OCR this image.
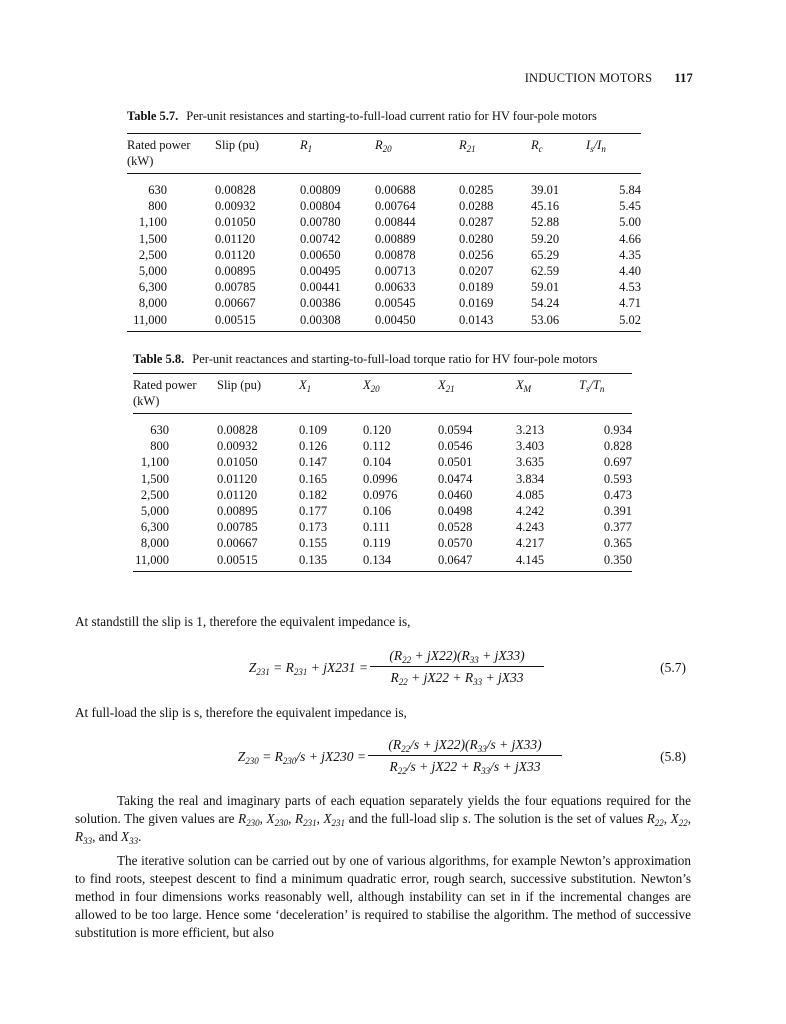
INDUCTION MOTORS 117
Table 5.7. Per-unit resistances and starting-to-full-load current ratio for HV four-pole motors
Rated power
(kW)	Slip (pu)	$R_1$	$R_{20}$	$R_{21}$	$R_c$	$I_s/I_n$
630	0.00828	0.00809	0.00688	0.0285	39.01	5.84
800	0.00932	0.00804	0.00764	0.0288	45.16	5.45
1,100	0.01050	0.00780	0.00844	0.0287	52.88	5.00
1,500	0.01120	0.00742	0.00889	0.0280	59.20	4.66
2,500	0.01120	0.00650	0.00878	0.0256	65.29	4.35
5,000	0.00895	0.00495	0.00713	0.0207	62.59	4.40
6,300	0.00785	0.00441	0.00633	0.0189	59.01	4.53
8,000	0.00667	0.00386	0.00545	0.0169	54.24	4.71
11,000	0.00515	0.00308	0.00450	0.0143	53.06	5.02
Table 5.8. Per-unit reactances and starting-to-full-load torque ratio for HV four-pole motors
Rated power
(kW)	Slip (pu)	$X_1$	$X_{20}$	$X_{21}$	$X_M$	$T_s/T_n$
630	0.00828	0.109	0.120	0.0594	3.213	0.934
800	0.00932	0.126	0.112	0.0546	3.403	0.828
1,100	0.01050	0.147	0.104	0.0501	3.635	0.697
1,500	0.01120	0.165	0.0996	0.0474	3.834	0.593
2,500	0.01120	0.182	0.0976	0.0460	4.085	0.473
5,000	0.00895	0.177	0.106	0.0498	4.242	0.391
6,300	0.00785	0.173	0.111	0.0528	4.243	0.377
8,000	0.00667	0.155	0.119	0.0570	4.217	0.365
11,000	0.00515	0.135	0.134	0.0647	4.145	0.350
At standstill the slip is 1, therefore the equivalent impedance is,
$Z_{231} = R_{231} + jX231 = \frac{(R_{22} + jX22)(R_{33} + jX33)}{R_{22} + jX22 + R_{33} + jX33}$	(5.7)
At full-load the slip is s, therefore the equivalent impedance is,
$Z_{230} = R_{230}/s + jX230 = \frac{(R_{22}/s + jX22)(R_{33}/s + jX33)}{R_{22}/s + jX22 + R_{33}/s + jX33}$	(5.8)
Taking the real and imaginary parts of each equation separately yields the four equations required for the solution. The given values are $R_{230}$, $X_{230}$, $R_{231}$, $X_{231}$ and the full-load slip s. The solution is the set of values $R_{22}$, $X_{22}$, $R_{33}$, and $X_{33}$.
The iterative solution can be carried out by one of various algorithms, for example Newton’s approximation to find roots, steepest descent to find a minimum quadratic error, rough search, successive substitution. Newton’s method in four dimensions works reasonably well, although instability can set in if the incremental changes are allowed to be too large. Hence some ‘deceleration’ is required to stabilise the algorithm. The method of successive substitution is more efficient, but also
